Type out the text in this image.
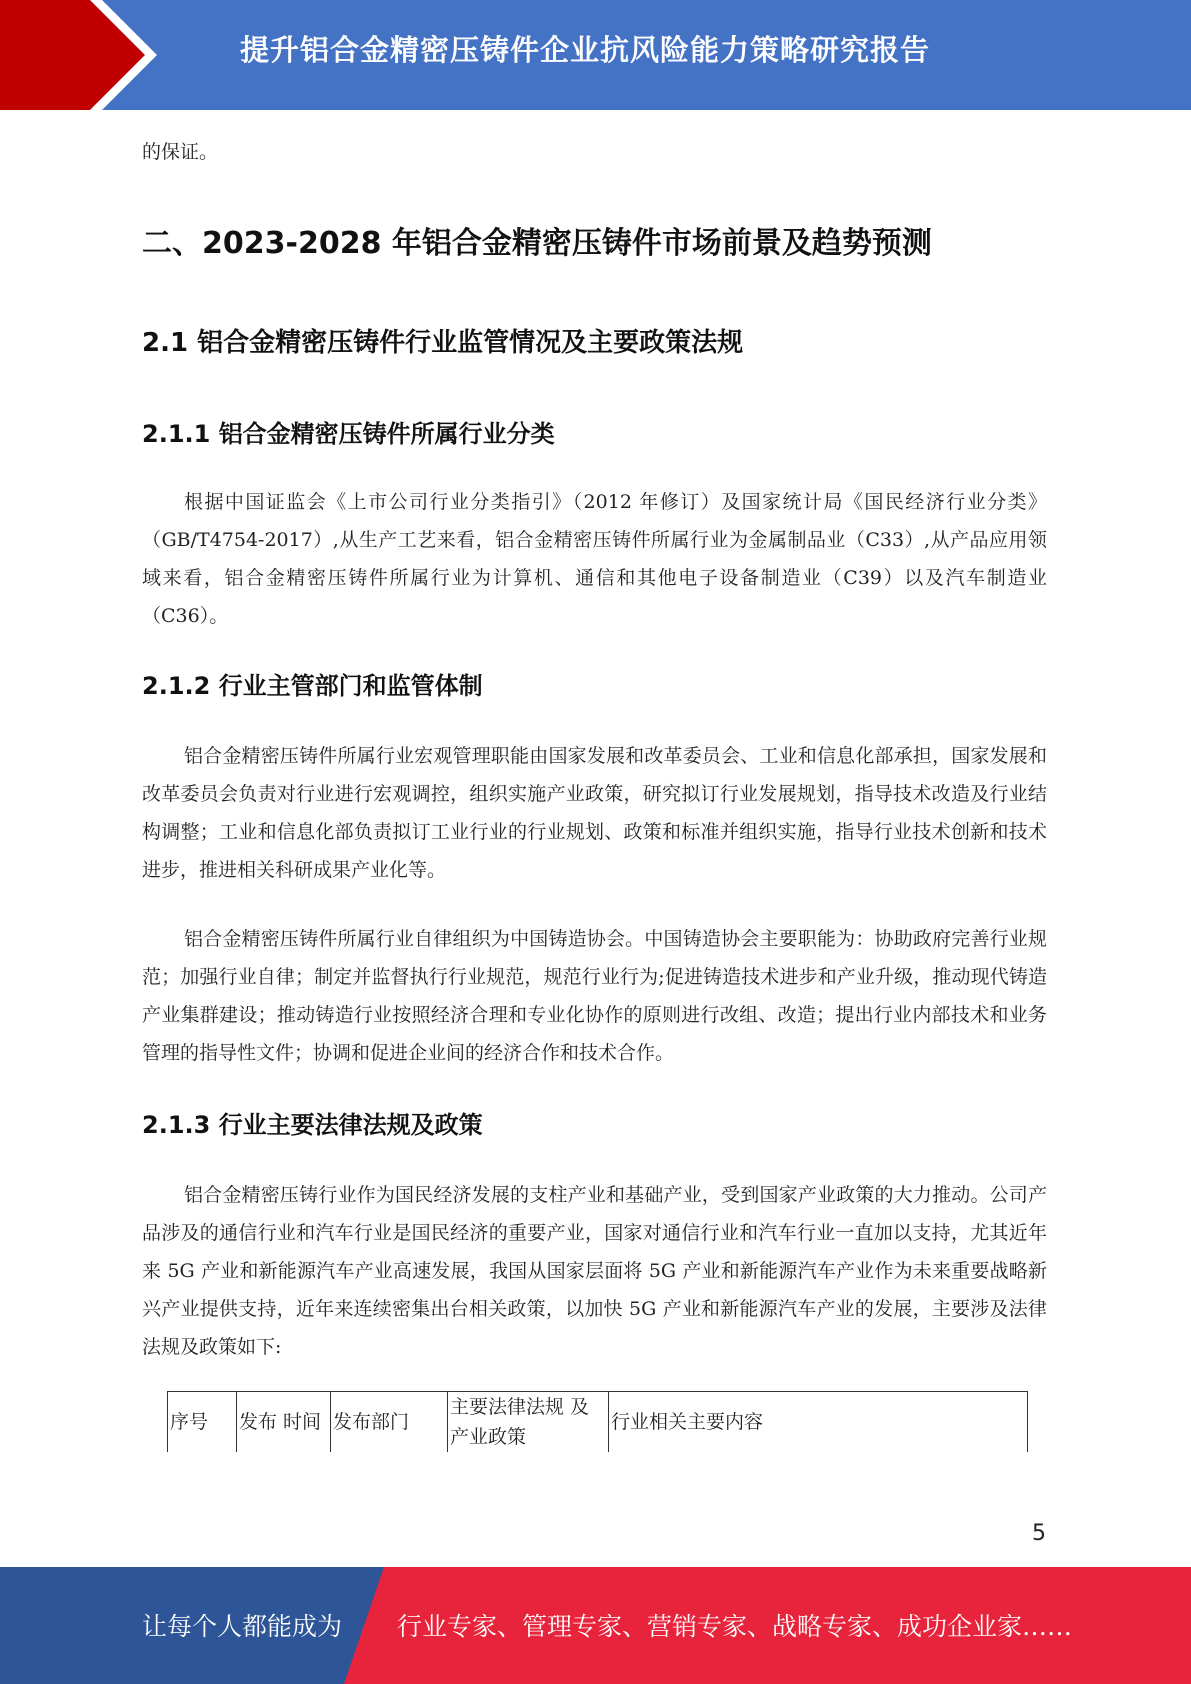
提升铝合金精密压铸件企业抗风险能力策略研究报告
的保证。
二、2023-2028 年铝合金精密压铸件市场前景及趋势预测
2.1 铝合金精密压铸件行业监管情况及主要政策法规
2.1.1 铝合金精密压铸件所属行业分类

根据中国证监会《上市公司行业分类指引》（2012 年修订）及国家统计局《国民经济行业分类》（GB/T4754-2017）,从生产工艺来看，铝合金精密压铸件所属行业为金属制品业（C33）,从产品应用领域来看，铝合金精密压铸件所属行业为计算机、通信和其他电子设备制造业（C39）以及汽车制造业（C36）。

2.1.2 行业主管部门和监管体制

铝合金精密压铸件所属行业宏观管理职能由国家发展和改革委员会、工业和信息化部承担，国家发展和改革委员会负责对行业进行宏观调控，组织实施产业政策，研究拟订行业发展规划，指导技术改造及行业结构调整；工业和信息化部负责拟订工业行业的行业规划、政策和标准并组织实施，指导行业技术创新和技术进步，推进相关科研成果产业化等。

铝合金精密压铸件所属行业自律组织为中国铸造协会。中国铸造协会主要职能为：协助政府完善行业规范；加强行业自律；制定并监督执行行业规范，规范行业行为;促进铸造技术进步和产业升级，推动现代铸造产业集群建设；推动铸造行业按照经济合理和专业化协作的原则进行改组、改造；提出行业内部技术和业务管理的指导性文件；协调和促进企业间的经济合作和技术合作。

2.1.3 行业主要法律法规及政策

铝合金精密压铸行业作为国民经济发展的支柱产业和基础产业，受到国家产业政策的大力推动。公司产品涉及的通信行业和汽车行业是国民经济的重要产业，国家对通信行业和汽车行业一直加以支持，尤其近年来 5G 产业和新能源汽车产业高速发展，我国从国家层面将 5G 产业和新能源汽车产业作为未来重要战略新兴产业提供支持，近年来连续密集出台相关政策，以加快 5G 产业和新能源汽车产业的发展，主要涉及法律法规及政策如下:

序号	发布 时间	发布部门	主要法律法规 及产业政策	行业相关主要内容
5
让每个人都能成为 行业专家、管理专家、营销专家、战略专家、成功企业家……
